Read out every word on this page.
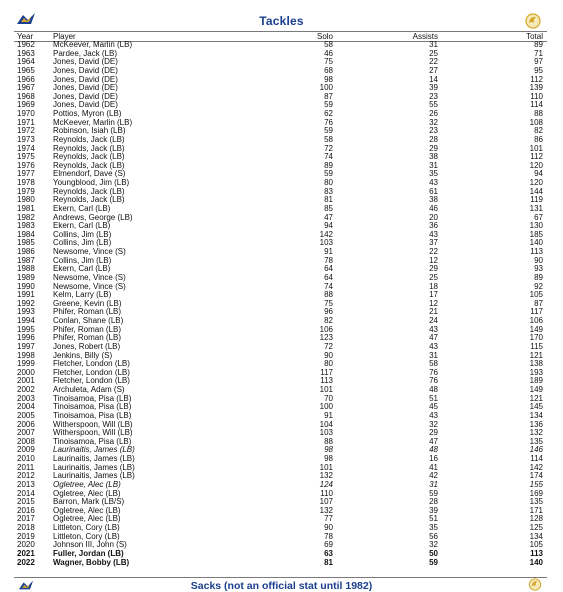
Tackles
Year Player	Solo	Assists	Total
1962	McKeever, Marlin (LB)	58	31	89
1963	Pardee, Jack (LB)	46	25	71
1964	Jones, David (DE)	75	22	97
1965	Jones, David (DE)	68	27	95
1966	Jones, David (DE)	98	14	112
1967	Jones, David (DE)	100	39	139
1968	Jones, David (DE)	87	23	110
1969	Jones, David (DE)	59	55	114
1970	Pottios, Myron (LB)	62	26	88
1971	McKeever, Marlin (LB)	76	32	108
1972	Robinson, Isiah (LB)	59	23	82
1973	Reynolds, Jack (LB)	58	28	86
1974	Reynolds, Jack (LB)	72	29	101
1975	Reynolds, Jack (LB)	74	38	112
1976	Reynolds, Jack (LB)	89	31	120
1977	Elmendorf, Dave (S)	59	35	94
1978	Youngblood, Jim (LB)	80	43	120
1979	Reynolds, Jack (LB)	83	61	144
1980	Reynolds, Jack (LB)	81	38	119
1981	Ekern, Carl (LB)	85	46	131
1982	Andrews, George (LB)	47	20	67
1983	Ekern, Carl (LB)	94	36	130
1984	Collins, Jim (LB)	142	43	185
1985	Collins, Jim (LB)	103	37	140
1986	Newsome, Vince (S)	91	22	113
1987	Collins, Jim (LB)	78	12	90
1988	Ekern, Carl (LB)	64	29	93
1989	Newsome, Vince (S)	64	25	89
1990	Newsome, Vince (S)	74	18	92
1991	Kelm, Larry (LB)	88	17	105
1992	Greene, Kevin (LB)	75	12	87
1993	Phifer, Roman (LB)	96	21	117
1994	Conlan, Shane (LB)	82	24	106
1995	Phifer, Roman (LB)	106	43	149
1996	Phifer, Roman (LB)	123	47	170
1997	Jones, Robert (LB)	72	43	115
1998	Jenkins, Billy (S)	90	31	121
1999	Fletcher, London (LB)	80	58	138
2000	Fletcher, London (LB)	117	76	193
2001	Fletcher, London (LB)	113	76	189
2002	Archuleta, Adam (S)	101	48	149
2003	Tinoisamoa, Pisa (LB)	70	51	121
2004	Tinoisamoa, Pisa (LB)	100	45	145
2005	Tinoisamoa, Pisa (LB)	91	43	134
2006	Witherspoon, Will (LB)	104	32	136
2007	Witherspoon, Will (LB)	103	29	132
2008	Tinoisamoa, Pisa (LB)	88	47	135
2009	Laurinaitis, James (LB)	98	48	146
2010	Laurinaitis, James (LB)	98	16	114
2011	Laurinaitis, James (LB)	101	41	142
2012	Laurinaitis, James (LB)	132	42	174
2013	Ogletree, Alec (LB)	124	31	155
2014	Ogletree, Alec (LB)	110	59	169
2015	Barron, Mark (LB/S)	107	28	135
2016	Ogletree, Alec (LB)	132	39	171
2017	Ogletree, Alec (LB)	77	51	128
2018	Littleton, Cory (LB)	90	35	125
2019	Littleton, Cory (LB)	78	56	134
2020	Johnson III, John (S)	69	32	105
2021	Fuller, Jordan (LB)	63	50	113
2022	Wagner, Bobby (LB)	81	59	140
Sacks (not an official stat until 1982)
